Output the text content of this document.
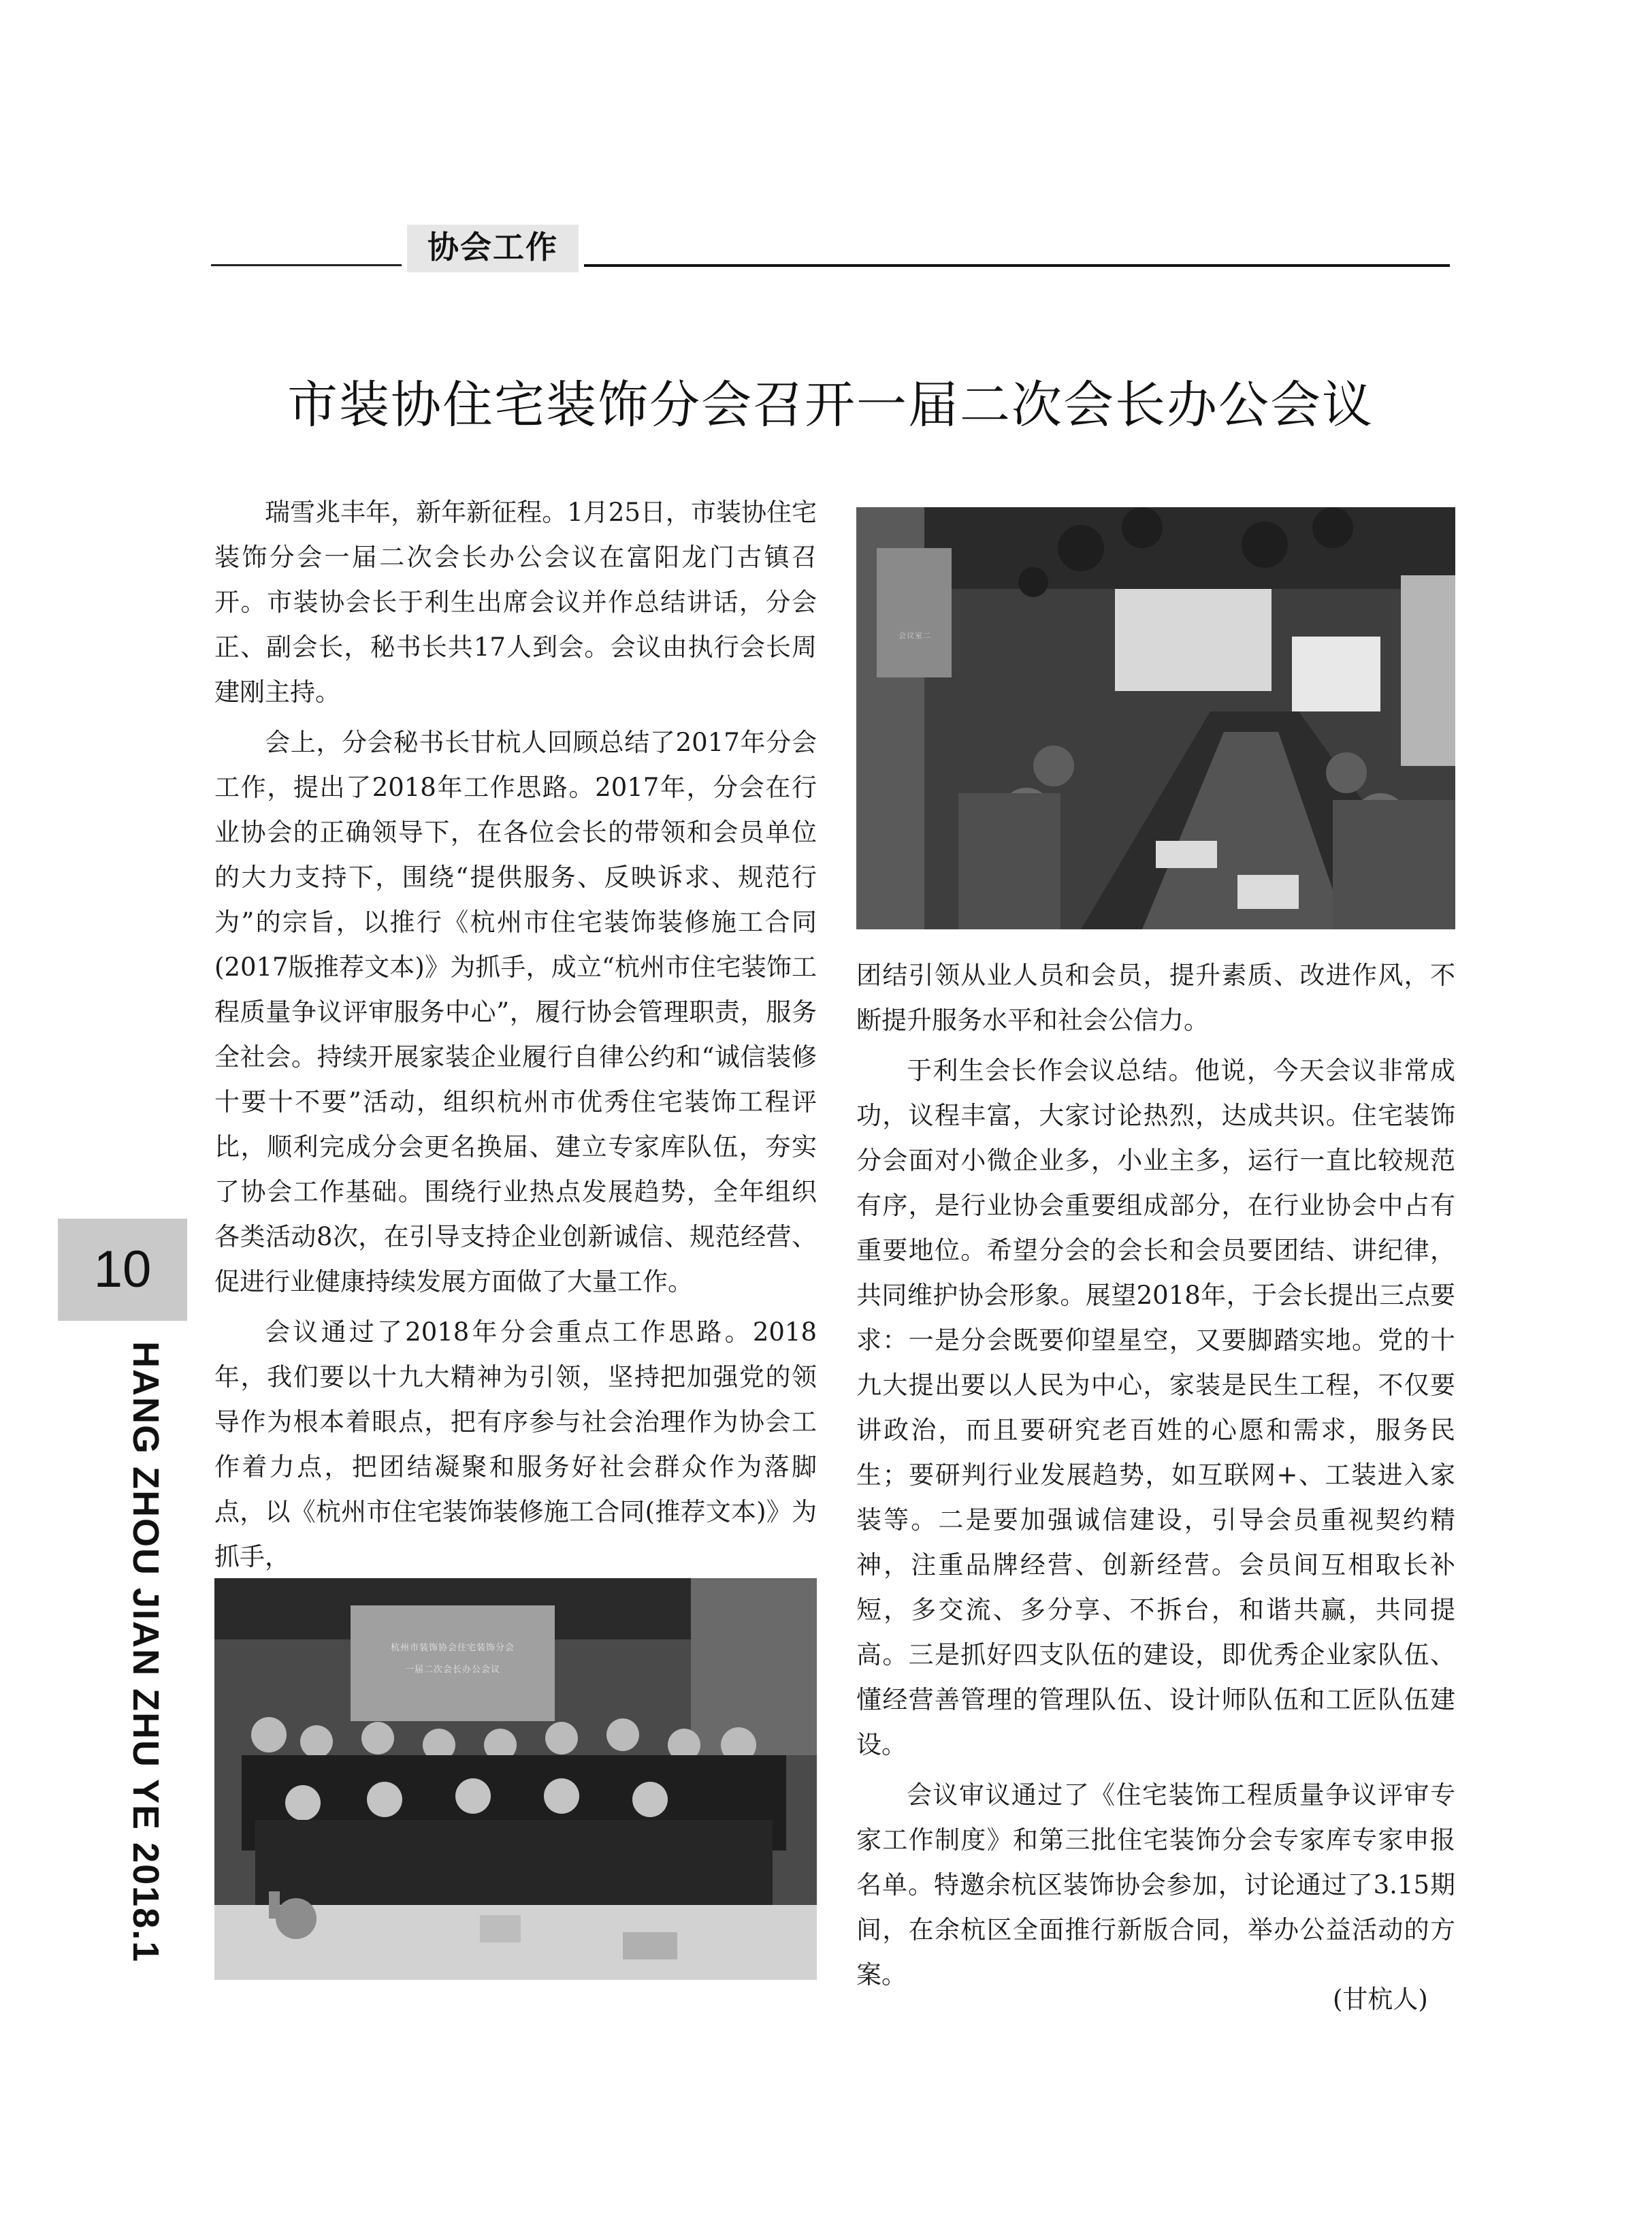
协会工作
市装协住宅装饰分会召开一届二次会长办公会议

瑞雪兆丰年，新年新征程。1月25日，市装协住宅装饰分会一届二次会长办公会议在富阳龙门古镇召开。市装协会长于利生出席会议并作总结讲话，分会正、副会长，秘书长共17人到会。会议由执行会长周建刚主持。

会上，分会秘书长甘杭人回顾总结了2017年分会工作，提出了2018年工作思路。2017年，分会在行业协会的正确领导下，在各位会长的带领和会员单位的大力支持下，围绕“提供服务、反映诉求、规范行为”的宗旨，以推行《杭州市住宅装饰装修施工合同(2017版推荐文本)》为抓手，成立“杭州市住宅装饰工程质量争议评审服务中心”，履行协会管理职责，服务全社会。持续开展家装企业履行自律公约和“诚信装修十要十不要”活动，组织杭州市优秀住宅装饰工程评比，顺利完成分会更名换届、建立专家库队伍，夯实了协会工作基础。围绕行业热点发展趋势，全年组织各类活动8次，在引导支持企业创新诚信、规范经营、促进行业健康持续发展方面做了大量工作。

会议通过了2018年分会重点工作思路。2018年，我们要以十九大精神为引领，坚持把加强党的领导作为根本着眼点，把有序参与社会治理作为协会工作着力点，把团结凝聚和服务好社会群众作为落脚点，以《杭州市住宅装饰装修施工合同(推荐文本)》为抓手，

会议室二

团结引领从业人员和会员，提升素质、改进作风，不断提升服务水平和社会公信力。

于利生会长作会议总结。他说，今天会议非常成功，议程丰富，大家讨论热烈，达成共识。住宅装饰分会面对小微企业多，小业主多，运行一直比较规范有序，是行业协会重要组成部分，在行业协会中占有重要地位。希望分会的会长和会员要团结、讲纪律，共同维护协会形象。展望2018年，于会长提出三点要求：一是分会既要仰望星空，又要脚踏实地。党的十九大提出要以人民为中心，家装是民生工程，不仅要讲政治，而且要研究老百姓的心愿和需求，服务民生；要研判行业发展趋势，如互联网+、工装进入家装等。二是要加强诚信建设，引导会员重视契约精神，注重品牌经营、创新经营。会员间互相取长补短，多交流、多分享、不拆台，和谐共赢，共同提高。三是抓好四支队伍的建设，即优秀企业家队伍、懂经营善管理的管理队伍、设计师队伍和工匠队伍建设。

会议审议通过了《住宅装饰工程质量争议评审专家工作制度》和第三批住宅装饰分会专家库专家申报名单。特邀余杭区装饰协会参加，讨论通过了3.15期间，在余杭区全面推行新版合同，举办公益活动的方案。

(甘杭人)
杭州市装饰协会住宅装饰分会
一届二次会长办公会议
10
HANG ZHOU JIAN ZHU YE 2018.1
